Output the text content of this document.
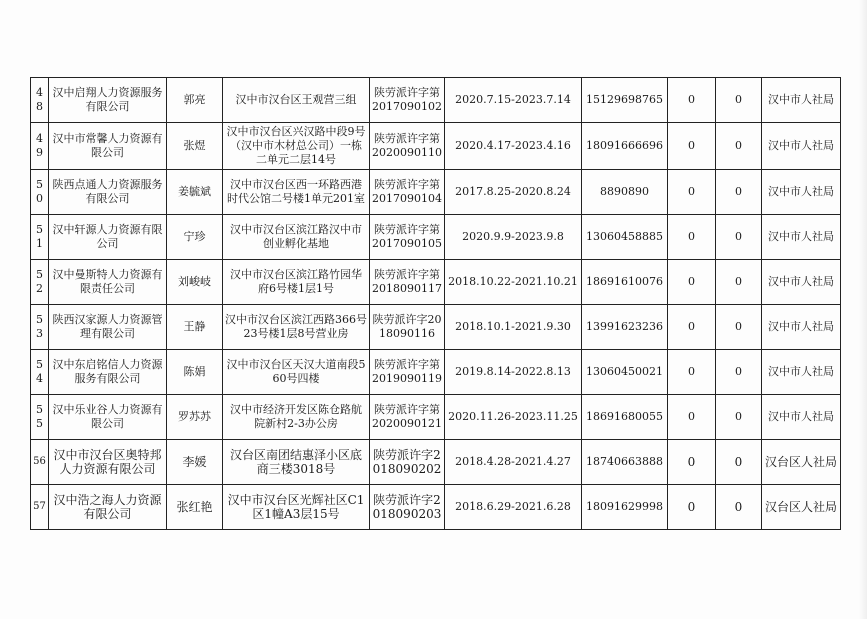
48	汉中启翔人力资源服务有限公司	郭亮	汉中市汉台区王观营三组	陕劳派许字第2017090102	2020.7.15-2023.7.14	15129698765	0	0	汉中市人社局
49	汉中市常馨人力资源有限公司	张煜	汉中市汉台区兴汉路中段9号（汉中市木材总公司）一栋二单元二层14号	陕劳派许字第2020090110	2020.4.17-2023.4.16	18091666696	0	0	汉中市人社局
50	陕西点通人力资源服务有限公司	姜毓斌	汉中市汉台区西一环路西港时代公馆二号楼1单元201室	陕劳派许字第2017090104	2017.8.25-2020.8.24	8890890	0	0	汉中市人社局
51	汉中轩源人力资源有限公司	宁珍	汉中市汉台区滨江路汉中市创业孵化基地	陕劳派许字第2017090105	2020.9.9-2023.9.8	13060458885	0	0	汉中市人社局
52	汉中曼斯特人力资源有限责任公司	刘峻岐	汉中市汉台区滨江路竹园华府6号楼1层1号	陕劳派许字第2018090117	2018.10.22-2021.10.21	18691610076	0	0	汉中市人社局
53	陕西汉家源人力资源管理有限公司	王静	汉中市汉台区滨江西路366号23号楼1层8号营业房	陕劳派许字2018090116	2018.10.1-2021.9.30	13991623236	0	0	汉中市人社局
54	汉中东启铭信人力资源服务有限公司	陈娟	汉中市汉台区天汉大道南段560号四楼	陕劳派许字第2019090119	2019.8.14-2022.8.13	13060450021	0	0	汉中市人社局
55	汉中乐业谷人力资源有限公司	罗苏苏	汉中市经济开发区陈仓路航院新村2-3办公房	陕劳派许字第2020090121	2020.11.26-2023.11.25	18691680055	0	0	汉中市人社局
56	汉中市汉台区奥特邦人力资源有限公司	李媛	汉台区南团结惠泽小区底商三楼3018号	陕劳派许字2018090202	2018.4.28-2021.4.27	18740663888	0	0	汉台区人社局
57	汉中浩之海人力资源有限公司	张红艳	汉中市汉台区光辉社区C1区1幢A3层15号	陕劳派许字2018090203	2018.6.29-2021.6.28	18091629998	0	0	汉台区人社局
